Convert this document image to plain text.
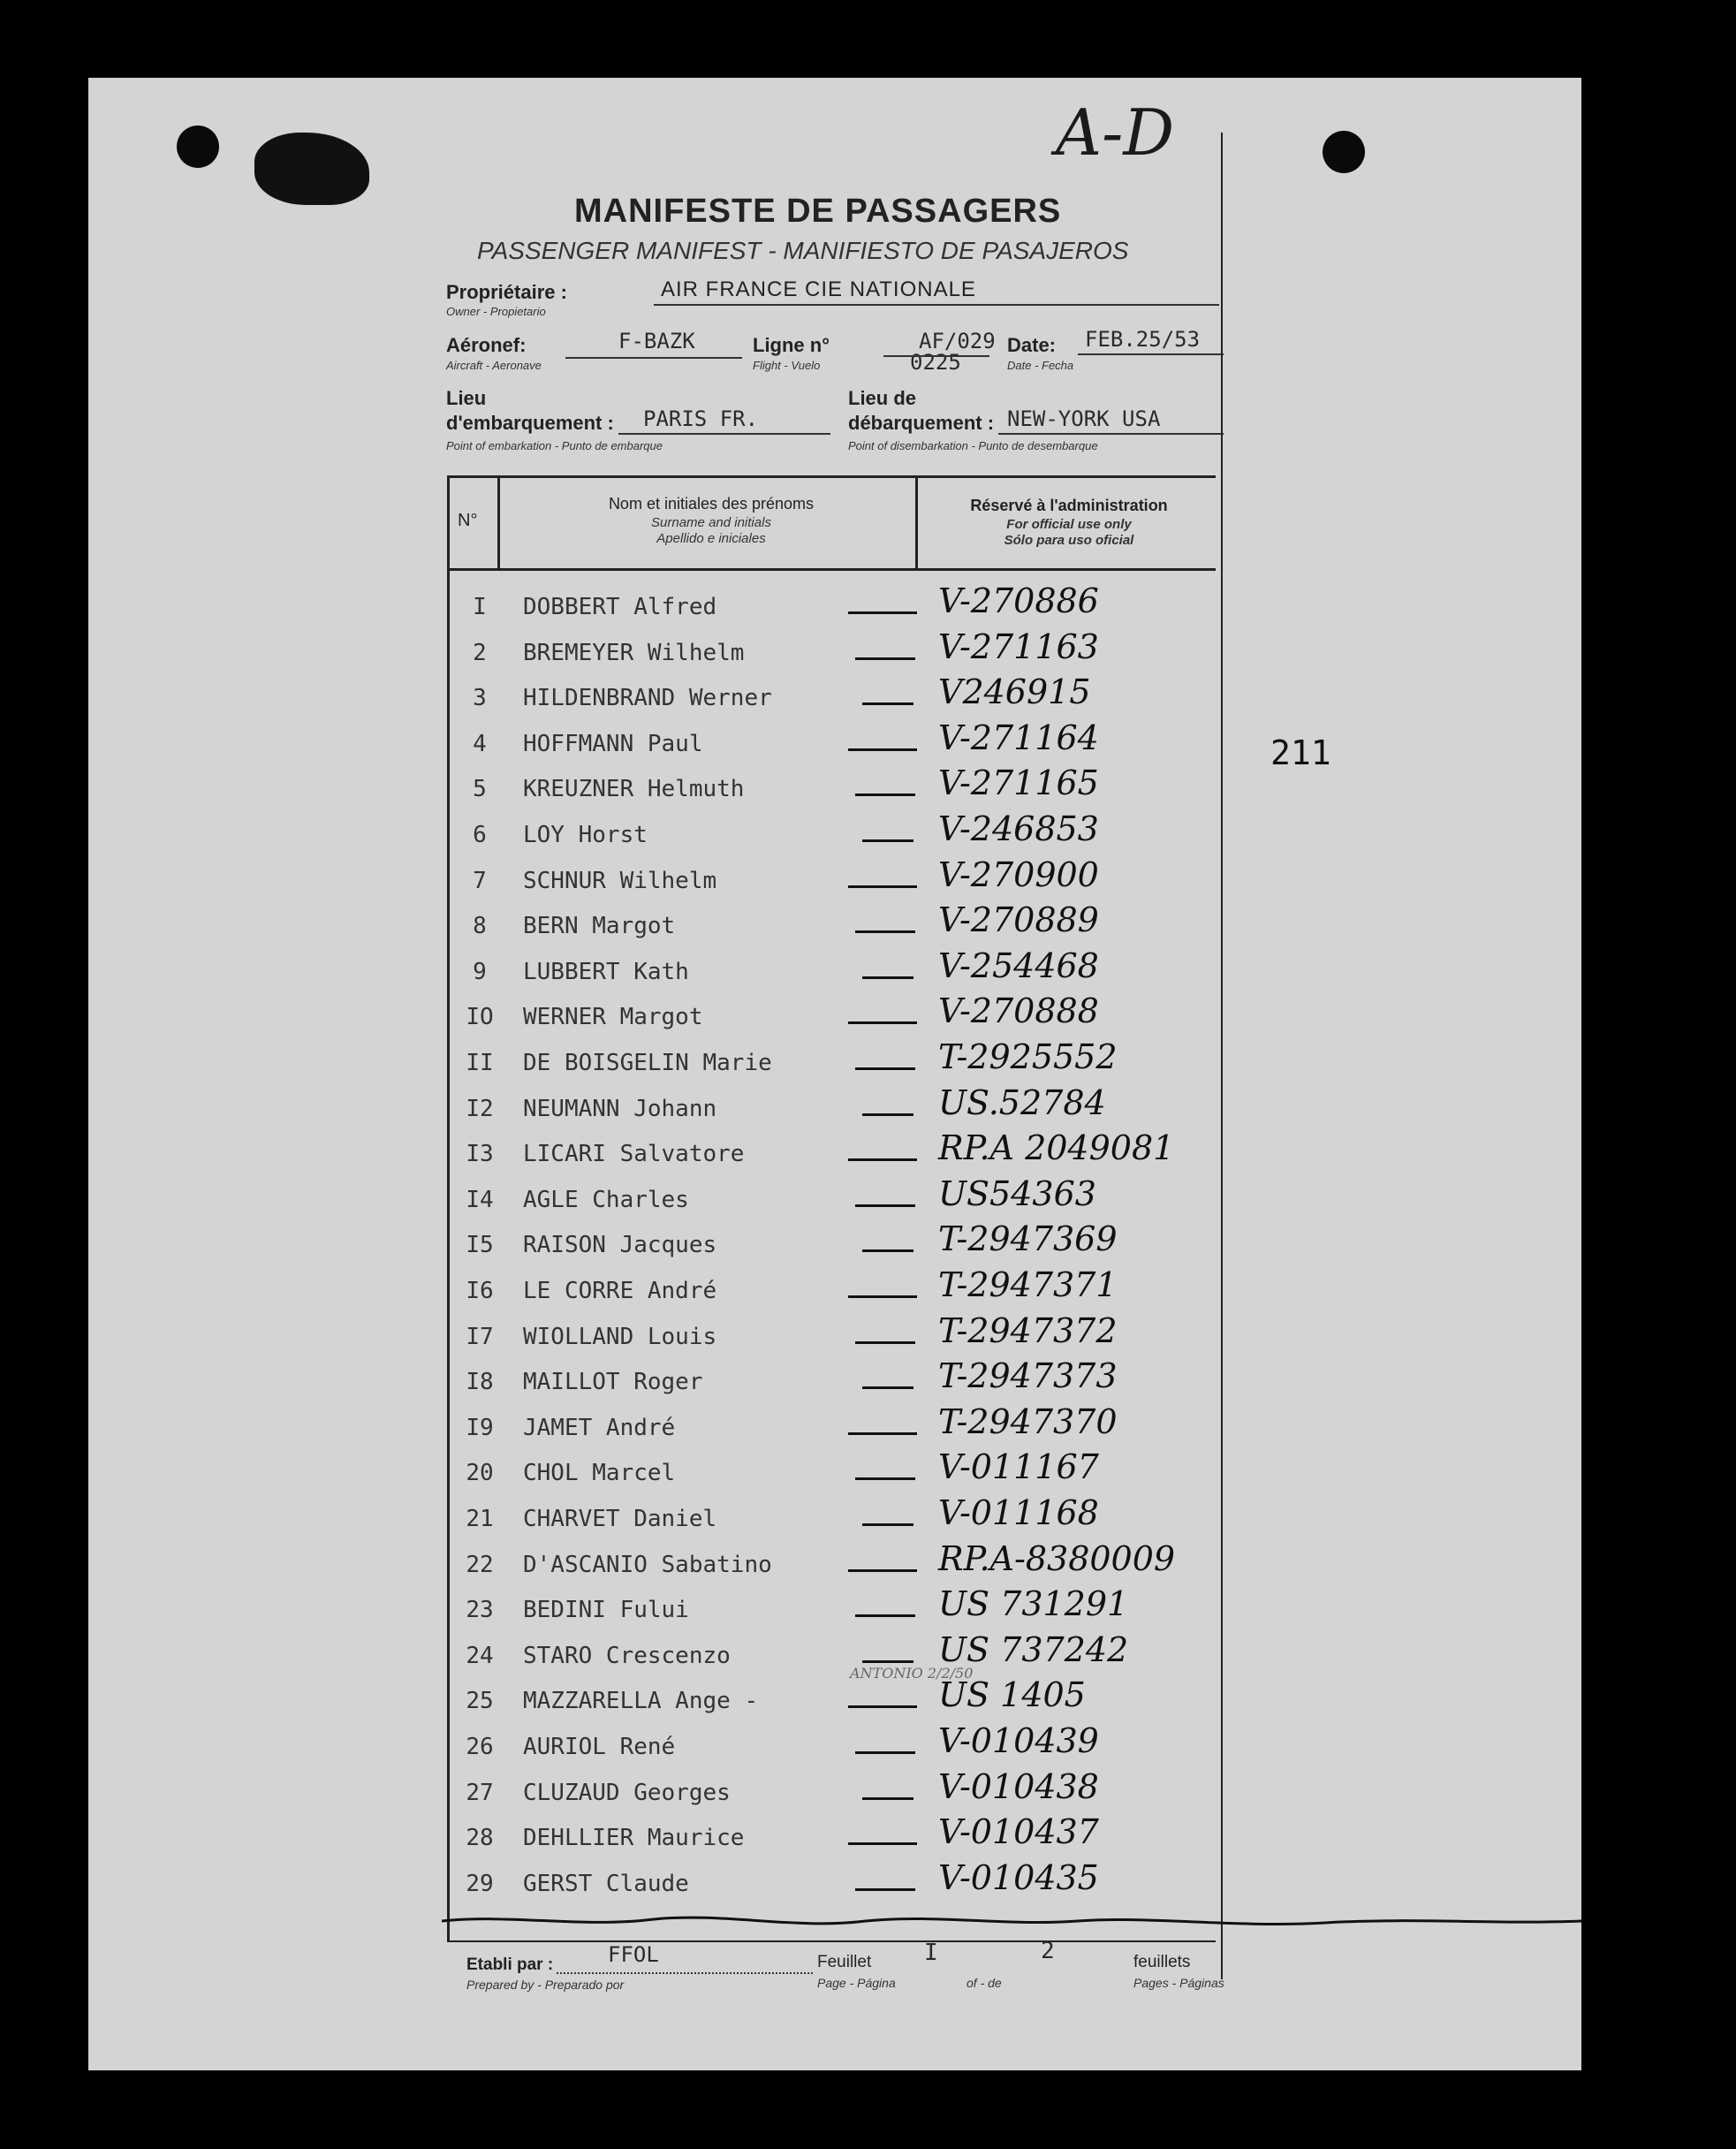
A-D
211
MANIFESTE DE PASSAGERS
PASSENGER MANIFEST - MANIFIESTO DE PASAJEROS
Propriétaire :
Owner - Propietario
AIR FRANCE CIE NATIONALE
Aéronef:
Aircraft - Aeronave
F-BAZK	Ligne n°
Flight - Vuelo
AF/029
0225
Date:
Date - Fecha
FEB.25/53
Lieu
d'embarquement :
Point of embarkation - Punto de embarque
PARIS FR.
Lieu de
débarquement :
Point of disembarkation - Punto de desembarque
NEW-YORK USA
N°
Nom et initiales des prénoms
Surname and initials
Apellido e iniciales
Réservé à l'administration
For official use only
Sólo para uso oficial
I	DOBBERT Alfred	V-270886
2	BREMEYER Wilhelm	V-271163
3	HILDENBRAND Werner	V246915
4	HOFFMANN Paul	V-271164
5	KREUZNER Helmuth	V-271165
6	LOY Horst	V-246853
7	SCHNUR Wilhelm	V-270900
8	BERN Margot	V-270889
9	LUBBERT Kath	V-254468
IO	WERNER Margot	V-270888
II	DE BOISGELIN Marie	T-2925552
I2	NEUMANN Johann	US.52784
I3	LICARI Salvatore	RP.A 2049081
I4	AGLE Charles	US54363
I5	RAISON Jacques	T-2947369
I6	LE CORRE André	T-2947371
I7	WIOLLAND Louis	T-2947372
I8	MAILLOT Roger	T-2947373
I9	JAMET André	T-2947370
20	CHOL Marcel	V-011167
21	CHARVET Daniel	V-011168
22	D'ASCANIO Sabatino	RP.A-8380009
23	BEDINI Fului	US 731291
24	STARO Crescenzo	US 737242
25	MAZZARELLA Ange -	US 1405
26	AURIOL René	V-010439
27	CLUZAUD Georges	V-010438
28	DEHLLIER Maurice	V-010437
29	GERST Claude	V-010435
ANTONIO 2/2/50
Etabli par :
Prepared by - Preparado por
FFOL	Feuillet
Page - Página
I
of - de
2	feuillets
Pages - Páginas
